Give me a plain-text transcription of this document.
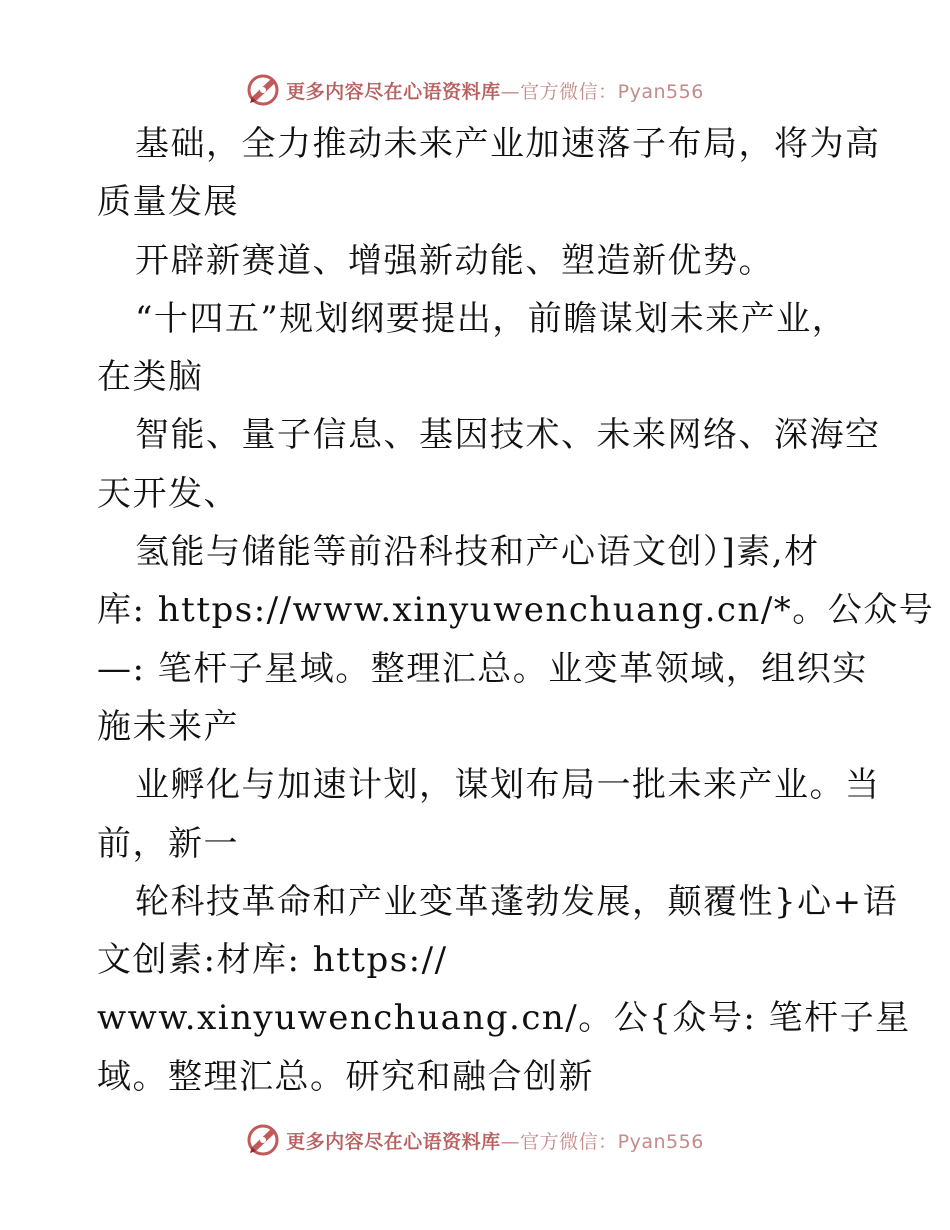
更多内容尽在心语资料库—官方微信：Pyan556
基础，全力推动未来产业加速落子布局，将为高
质量发展
开辟新赛道、增强新动能、塑造新优势。
“十四五”规划纲要提出，前瞻谋划未来产业，
在类脑
智能、量子信息、基因技术、未来网络、深海空
天开发、
氢能与储能等前沿科技和产心语文创）]素,材
库: https://www.xinyuwenchuang.cn/*。公众号
—: 笔杆子星域。整理汇总。业变革领域，组织实
施未来产
业孵化与加速计划，谋划布局一批未来产业。当
前，新一
轮科技革命和产业变革蓬勃发展，颠覆性}心+语
文创素:材库: https://
www.xinyuwenchuang.cn/。公{众号: 笔杆子星
域。整理汇总。研究和融合创新
更多内容尽在心语资料库—官方微信：Pyan556
